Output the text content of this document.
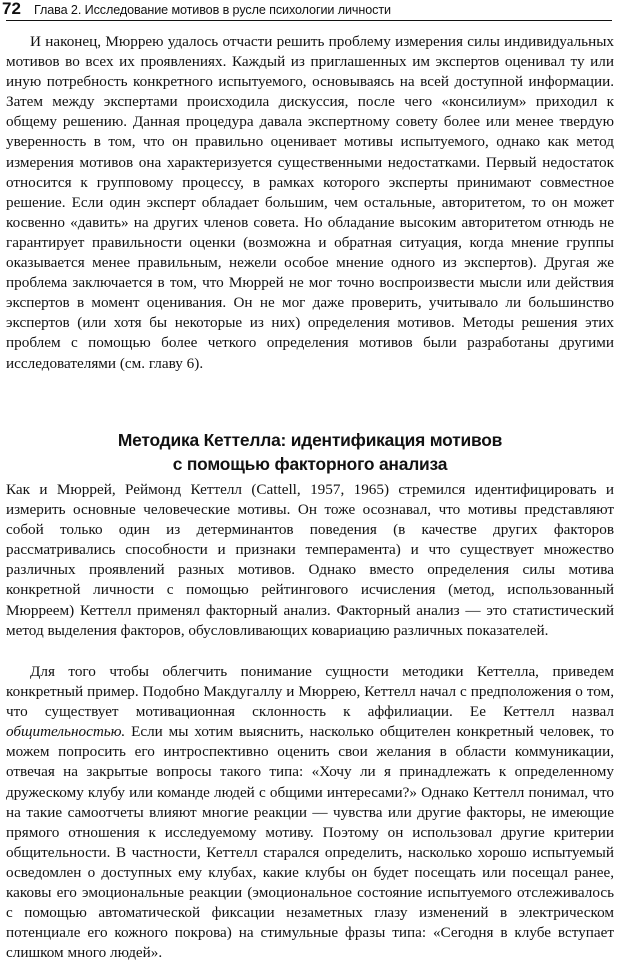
72 Глава 2. Исследование мотивов в русле психологии личности

И наконец, Мюррею удалось отчасти решить проблему измерения силы индивидуальных мотивов во всех их проявлениях. Каждый из приглашенных им экспертов оценивал ту или иную потребность конкретного испытуемого, основываясь на всей доступной информации. Затем между экспертами происходила дискуссия, после чего «консилиум» приходил к общему решению. Данная процедура давала экспертному совету более или менее твердую уверенность в том, что он правильно оценивает мотивы испытуемого, однако как метод измерения мотивов она характеризуется существенными недостатками. Первый недостаток относится к групповому процессу, в рамках которого эксперты принимают совместное решение. Если один эксперт обладает большим, чем остальные, авторитетом, то он может косвенно «давить» на других членов совета. Но обладание высоким авторитетом отнюдь не гарантирует правильности оценки (возможна и обратная ситуация, когда мнение группы оказывается менее правильным, нежели особое мнение одного из экспертов). Другая же проблема заключается в том, что Мюррей не мог точно воспроизвести мысли или действия экспертов в момент оценивания. Он не мог даже проверить, учитывало ли большинство экспертов (или хотя бы некоторые из них) определения мотивов. Методы решения этих проблем с помощью более четкого определения мотивов были разработаны другими исследователями (см. главу 6).

Методика Кеттелла: идентификация мотивов
с помощью факторного анализа

Как и Мюррей, Реймонд Кеттелл (Cattell, 1957, 1965) стремился идентифицировать и измерить основные человеческие мотивы. Он тоже осознавал, что мотивы представляют собой только один из детерминантов поведения (в качестве других факторов рассматривались способности и признаки темперамента) и что существует множество различных проявлений разных мотивов. Однако вместо определения силы мотива конкретной личности с помощью рейтингового исчисления (метод, использованный Мюрреем) Кеттелл применял факторный анализ. Факторный анализ — это статистический метод выделения факторов, обусловливающих ковариацию различных показателей.

Для того чтобы облегчить понимание сущности методики Кеттелла, приведем конкретный пример. Подобно Макдугаллу и Мюррею, Кеттелл начал с предположения о том, что существует мотивационная склонность к аффилиации. Ее Кеттелл назвал общительностью. Если мы хотим выяснить, насколько общителен конкретный человек, то можем попросить его интроспективно оценить свои желания в области коммуникации, отвечая на закрытые вопросы такого типа: «Хочу ли я принадлежать к определенному дружескому клубу или команде людей с общими интересами?» Однако Кеттелл понимал, что на такие самоотчеты влияют многие реакции — чувства или другие факторы, не имеющие прямого отношения к исследуемому мотиву. Поэтому он использовал другие критерии общительности. В частности, Кеттелл старался определить, насколько хорошо испытуемый осведомлен о доступных ему клубах, какие клубы он будет посещать или посещал ранее, каковы его эмоциональные реакции (эмоциональное состояние испытуемого отслеживалось с помощью автоматической фиксации незаметных глазу изменений в электрическом потенциале его кожного покрова) на стимульные фразы типа: «Сегодня в клубе вступает слишком много людей».
